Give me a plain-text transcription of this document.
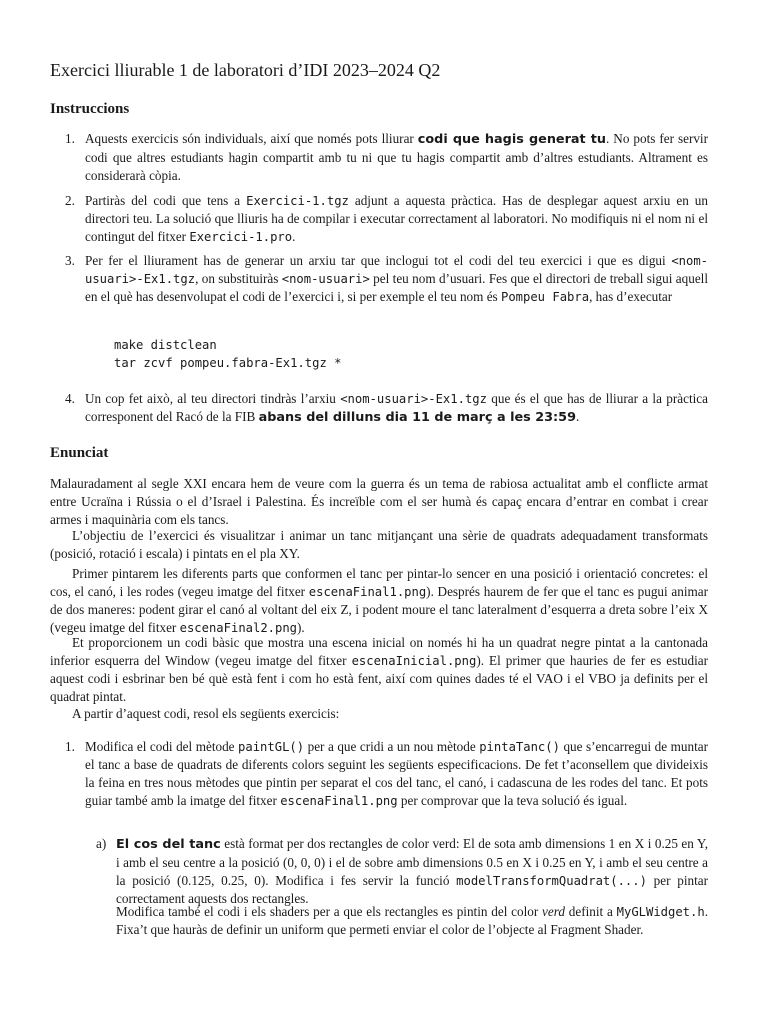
Exercici lliurable 1 de laboratori d’IDI 2023–2024 Q2
Instruccions
1. Aquests exercicis són individuals, així que només pots lliurar codi que hagis generat tu. No pots fer servir codi que altres estudiants hagin compartit amb tu ni que tu hagis compartit amb d’altres estudiants. Altrament es considerarà còpia.
2. Partiràs del codi que tens a Exercici-1.tgz adjunt a aquesta pràctica. Has de desplegar aquest arxiu en un directori teu. La solució que lliuris ha de compilar i executar correctament al laboratori. No modifiquis ni el nom ni el contingut del fitxer Exercici-1.pro.
3. Per fer el lliurament has de generar un arxiu tar que inclogui tot el codi del teu exercici i que es digui <nom-usuari>-Ex1.tgz, on substituiràs <nom-usuari> pel teu nom d’usuari. Fes que el directori de treball sigui aquell en el què has desenvolupat el codi de l’exercici i, si per exemple el teu nom és Pompeu Fabra, has d’executar
make distclean
tar zcvf pompeu.fabra-Ex1.tgz *
4. Un cop fet això, al teu directori tindràs l’arxiu <nom-usuari>-Ex1.tgz que és el que has de lliurar a la pràctica corresponent del Racó de la FIB abans del dilluns dia 11 de març a les 23:59.
Enunciat
Malauradament al segle XXI encara hem de veure com la guerra és un tema de rabiosa actualitat amb el conflicte armat entre Ucraïna i Rússia o el d’Israel i Palestina. És increïble com el ser humà és capaç encara d’entrar en combat i crear armes i maquinària com els tancs.
L’objectiu de l’exercici és visualitzar i animar un tanc mitjançant una sèrie de quadrats adequadament transformats (posició, rotació i escala) i pintats en el pla XY.
Primer pintarem les diferents parts que conformen el tanc per pintar-lo sencer en una posició i orientació concretes: el cos, el canó, i les rodes (vegeu imatge del fitxer escenaFinal1.png). Després haurem de fer que el tanc es pugui animar de dos maneres: podent girar el canó al voltant del eix Z, i podent moure el tanc lateralment d’esquerra a dreta sobre l’eix X (vegeu imatge del fitxer escenaFinal2.png).
Et proporcionem un codi bàsic que mostra una escena inicial on només hi ha un quadrat negre pintat a la cantonada inferior esquerra del Window (vegeu imatge del fitxer escenaInicial.png). El primer que hauries de fer es estudiar aquest codi i esbrinar ben bé què està fent i com ho està fent, així com quines dades té el VAO i el VBO ja definits per el quadrat pintat.
A partir d’aquest codi, resol els següents exercicis:
1. Modifica el codi del mètode paintGL() per a que cridi a un nou mètode pintaTanc() que s’encarregui de muntar el tanc a base de quadrats de diferents colors seguint les següents especificacions. De fet t’aconsellem que divideixis la feina en tres nous mètodes que pintin per separat el cos del tanc, el canó, i cadascuna de les rodes del tanc. Et pots guiar també amb la imatge del fitxer escenaFinal1.png per comprovar que la teva solució és igual.
a) El cos del tanc està format per dos rectangles de color verd: El de sota amb dimensions 1 en X i 0.25 en Y, i amb el seu centre a la posició (0, 0, 0) i el de sobre amb dimensions 0.5 en X i 0.25 en Y, i amb el seu centre a la posició (0.125, 0.25, 0). Modifica i fes servir la funció modelTransformQuadrat(...) per pintar correctament aquests dos rectangles.
Modifica també el codi i els shaders per a que els rectangles es pintin del color verd definit a MyGLWidget.h. Fixa’t que hauràs de definir un uniform que permeti enviar el color de l’objecte al Fragment Shader.
